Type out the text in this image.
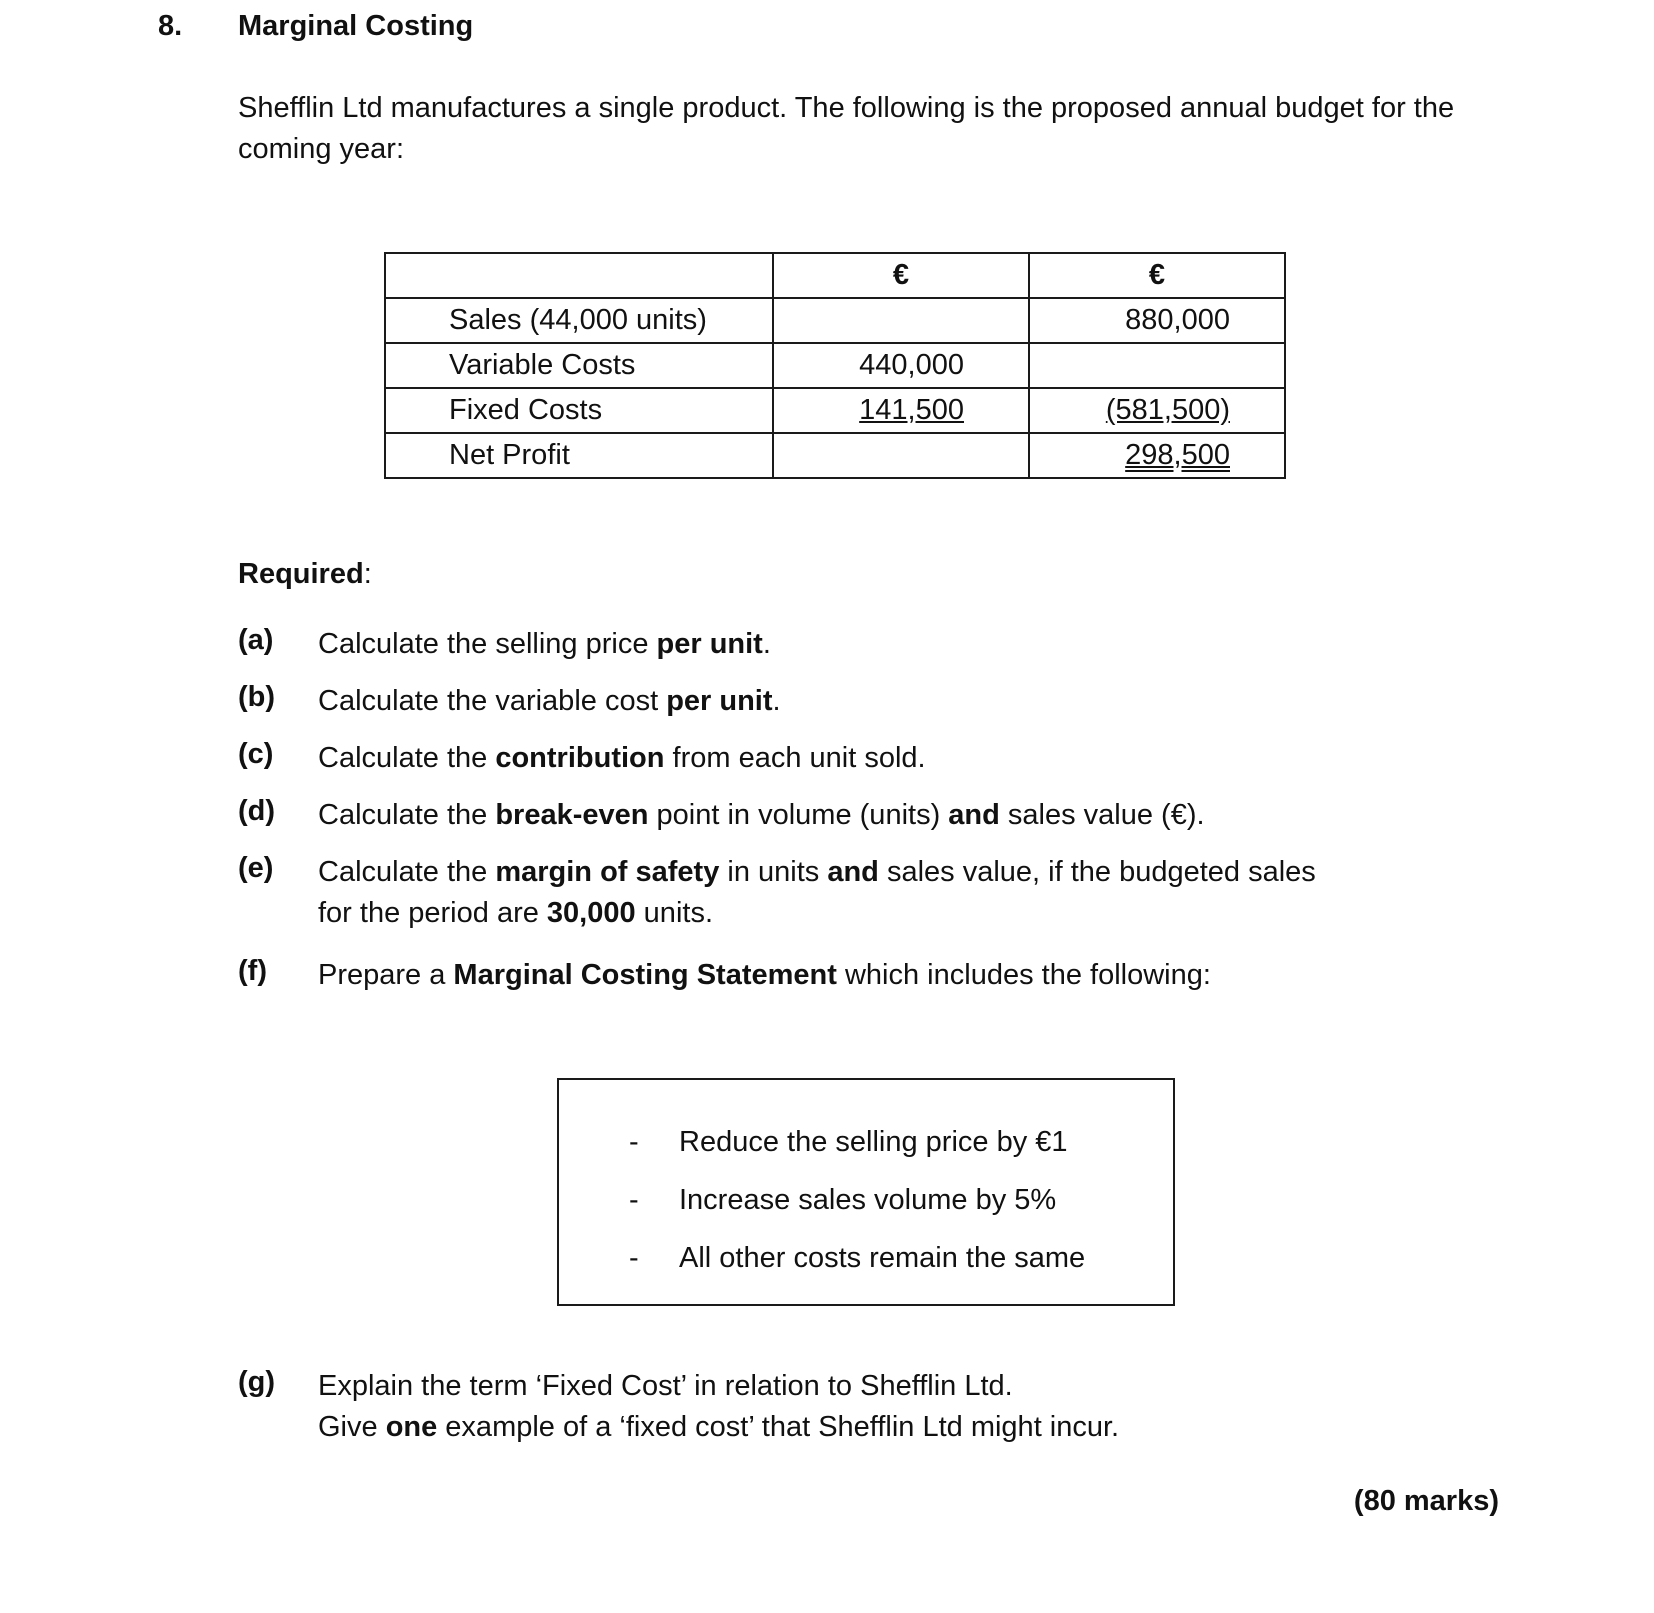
8. Marginal Costing
Shefflin Ltd manufactures a single product. The following is the proposed annual budget for the coming year:
	€	€
Sales (44,000 units)		880,000
Variable Costs	440,000	
Fixed Costs	141,500	(581,500)
Net Profit		298,500
Required:
(a) Calculate the selling price per unit.
(b) Calculate the variable cost per unit.
(c) Calculate the contribution from each unit sold.
(d) Calculate the break-even point in volume (units) and sales value (€).
(e) Calculate the margin of safety in units and sales value, if the budgeted sales
for the period are 30,000 units.
(f) Prepare a Marginal Costing Statement which includes the following:
- Reduce the selling price by €1
- Increase sales volume by 5%
- All other costs remain the same
(g) Explain the term ‘Fixed Cost’ in relation to Shefflin Ltd.
Give one example of a ‘fixed cost’ that Shefflin Ltd might incur.
(80 marks)
